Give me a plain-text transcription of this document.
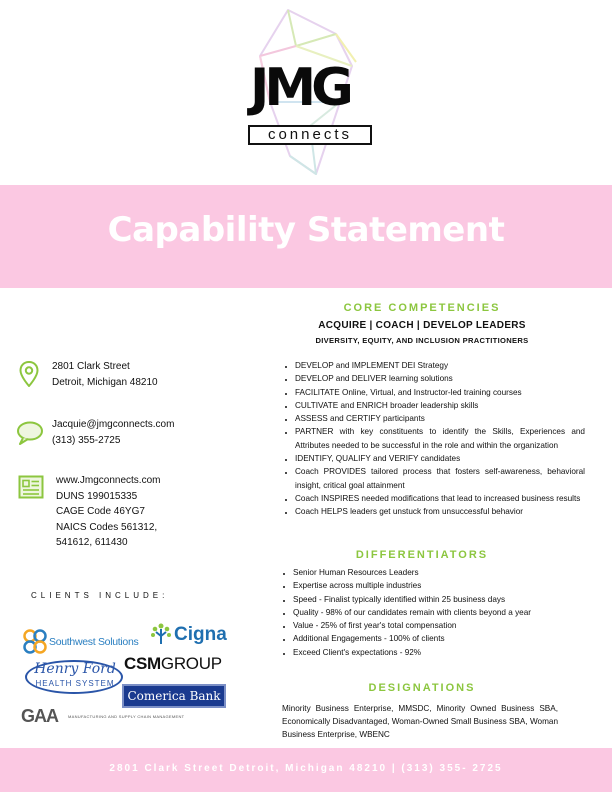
JMG
connects
Capability Statement
CORE COMPETENCIES
ACQUIRE | COACH | DEVELOP LEADERS
DIVERSITY, EQUITY, AND INCLUSION PRACTITIONERS
• DEVELOP and IMPLEMENT DEI Strategy
• DEVELOP and DELIVER learning solutions
• FACILITATE Online, Virtual, and Instructor-led training courses
• CULTIVATE and ENRICH broader leadership skills
• ASSESS and CERTIFY participants
• PARTNER with key constituents to identify the Skills, Experiences and Attributes needed to be successful in the role and within the organization
• IDENTIFY, QUALIFY and VERIFY candidates
• Coach PROVIDES tailored process that fosters self-awareness, behavioral insight, critical goal attainment
• Coach INSPIRES needed modifications that lead to increased business results
• Coach HELPS leaders get unstuck from unsuccessful behavior
DIFFERENTIATORS
• Senior Human Resources Leaders
• Expertise across multiple industries
• Speed - Finalist typically identified within 25 business days
• Quality - 98% of our candidates remain with clients beyond a year
• Value - 25% of first year's total compensation
• Additional Engagements - 100% of clients
• Exceed Client's expectations - 92%
DESIGNATIONS
Minority Business Enterprise, MMSDC, Minority Owned Business SBA, Economically Disadvantaged, Woman-Owned Small Business SBA, Woman Business Enterprise, WBENC
2801 Clark Street
Detroit, Michigan 48210
Jacquie@jmgconnects.com
(313) 355-2725
www.Jmgconnects.com
DUNS 199015335
CAGE Code 46YG7
NAICS Codes 561312,
541612, 611430
CLIENTS INCLUDE:
Southwest Solutions Cigna
Henry Ford
HEALTH SYSTEM
CSMGROUP
Comerica Bank
GAA	MANUFACTURING AND SUPPLY CHAIN MANAGEMENT
2801 Clark Street Detroit, Michigan 48210 | (313) 355- 2725
